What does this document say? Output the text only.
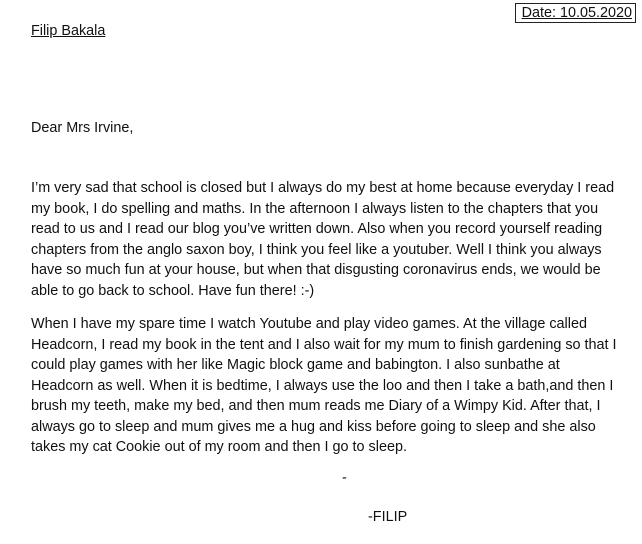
Date: 10.05.2020
Filip Bakala
Dear Mrs Irvine,

I’m very sad that school is closed but I always do my best at home because everyday I read
my book, I do spelling and maths. In the afternoon I always listen to the chapters that you
read to us and I read our blog you’ve written down. Also when you record yourself reading
chapters from the anglo saxon boy, I think you feel like a youtuber. Well I think you always
have so much fun at your house, but when that disgusting coronavirus ends, we would be
able to go back to school. Have fun there! :-)

When I have my spare time I watch Youtube and play video games. At the village called
Headcorn, I read my book in the tent and I also wait for my mum to finish gardening so that I
could play games with her like Magic block game and babington. I also sunbathe at
Headcorn as well. When it is bedtime, I always use the loo and then I take a bath,and then I
brush my teeth, make my bed, and then mum reads me Diary of a Wimpy Kid. After that, I
always go to sleep and mum gives me a hug and kiss before going to sleep and she also
takes my cat Cookie out of my room and then I go to sleep.

-
-FILIP
